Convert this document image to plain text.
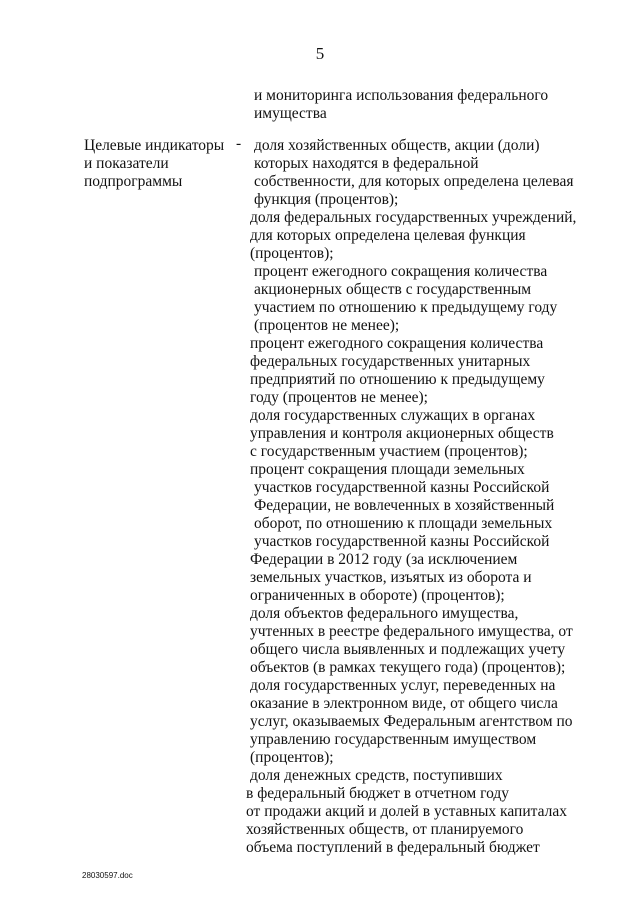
5
и мониторинга использования федерального
имущества
Целевые индикаторы
и показатели
подпрограммы
- доля хозяйственных обществ, акции (доли)
которых находятся в федеральной
собственности, для которых определена целевая
функция (процентов);
доля федеральных государственных учреждений,
для которых определена целевая функция
(процентов);
процент ежегодного сокращения количества
акционерных обществ с государственным
участием по отношению к предыдущему году
(процентов не менее);
процент ежегодного сокращения количества
федеральных государственных унитарных
предприятий по отношению к предыдущему
году (процентов не менее);
доля государственных служащих в органах
управления и контроля акционерных обществ
с государственным участием (процентов);
процент сокращения площади земельных
участков государственной казны Российской
Федерации, не вовлеченных в хозяйственный
оборот, по отношению к площади земельных
участков государственной казны Российской
Федерации в 2012 году (за исключением
земельных участков, изъятых из оборота и
ограниченных в обороте) (процентов);
доля объектов федерального имущества,
учтенных в реестре федерального имущества, от
общего числа выявленных и подлежащих учету
объектов (в рамках текущего года) (процентов);
доля государственных услуг, переведенных на
оказание в электронном виде, от общего числа
услуг, оказываемых Федеральным агентством по
управлению государственным имуществом
(процентов);
доля денежных средств, поступивших
в федеральный бюджет в отчетном году
от продажи акций и долей в уставных капиталах
хозяйственных обществ, от планируемого
объема поступлений в федеральный бюджет
28030597.doc
